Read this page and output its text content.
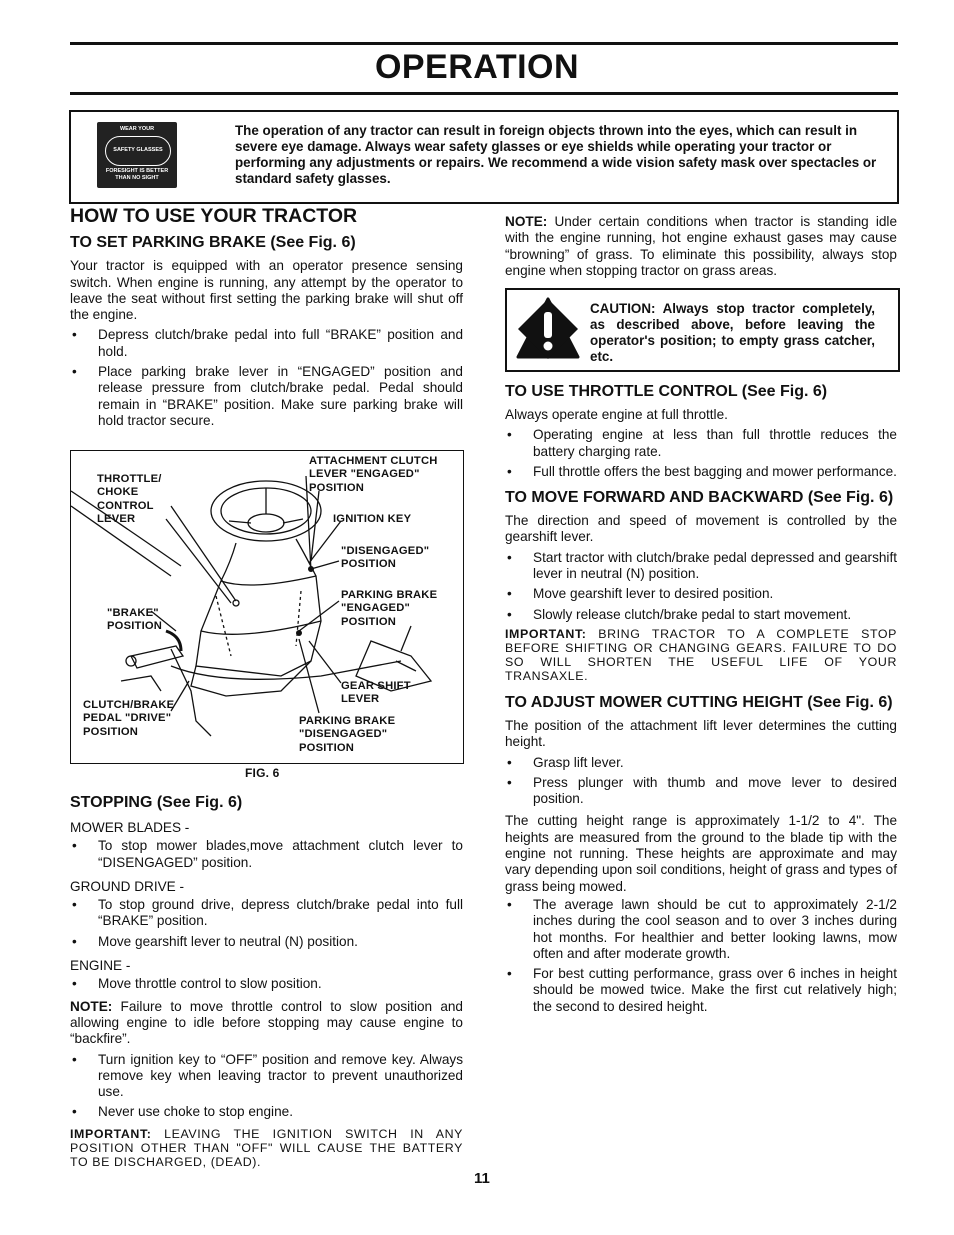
OPERATION
WEAR YOUR
SAFETY GLASSES
FORESIGHT IS BETTER
THAN NO SIGHT
The operation of any tractor can result in foreign objects thrown into the eyes, which can result in severe eye damage. Always wear safety glasses or eye shields while operating your tractor or performing any adjustments or repairs. We recommend a wide vision safety mask over spectacles or standard safety glasses.
HOW TO USE YOUR TRACTOR
TO SET PARKING BRAKE (See Fig. 6)

Your tractor is equipped with an operator presence sensing switch. When engine is running, any attempt by the operator to leave the seat without first setting the parking brake will shut off the engine.

• Depress clutch/brake pedal into full “BRAKE” position and hold.
• Place parking brake lever in “ENGAGED” position and release pressure from clutch/brake pedal. Pedal should remain in “BRAKE” position. Make sure parking brake will hold tractor secure.
ATTACHMENT CLUTCH LEVER "ENGAGED" POSITION
THROTTLE/ CHOKE CONTROL LEVER	IGNITION KEY
"DISENGAGED" POSITION
"BRAKE" POSITION
PARKING BRAKE "ENGAGED" POSITION
GEAR SHIFT LEVER
CLUTCH/BRAKE PEDAL "DRIVE" POSITION
PARKING BRAKE "DISENGAGED" POSITION
FIG. 6
STOPPING (See Fig. 6)

MOWER BLADES -

• To stop mower blades,move attachment clutch lever to “DISENGAGED” position.

GROUND DRIVE -

• To stop ground drive, depress clutch/brake pedal into full “BRAKE” position.
• Move gearshift lever to neutral (N) position.

ENGINE -

• Move throttle control to slow position.

NOTE: Failure to move throttle control to slow position and allowing engine to idle before stopping may cause engine to “backfire”.

• Turn ignition key to “OFF” position and remove key. Always remove key when leaving tractor to prevent unauthorized use.
• Never use choke to stop engine.

IMPORTANT: LEAVING THE IGNITION SWITCH IN ANY POSITION OTHER THAN "OFF" WILL CAUSE THE BATTERY TO BE DISCHARGED, (DEAD).

NOTE: Under certain conditions when tractor is standing idle with the engine running, hot engine exhaust gases may cause “browning” of grass. To eliminate this possibility, always stop engine when stopping tractor on grass areas.

CAUTION: Always stop tractor completely, as described above, before leaving the operator's position; to empty grass catcher, etc.
TO USE THROTTLE CONTROL (See Fig. 6)

Always operate engine at full throttle.

• Operating engine at less than full throttle reduces the battery charging rate.
• Full throttle offers the best bagging and mower performance.
TO MOVE FORWARD AND BACKWARD (See Fig. 6)

The direction and speed of movement is controlled by the gearshift lever.

• Start tractor with clutch/brake pedal depressed and gearshift lever in neutral (N) position.
• Move gearshift lever to desired position.
• Slowly release clutch/brake pedal to start movement.

IMPORTANT: BRING TRACTOR TO A COMPLETE STOP BEFORE SHIFTING OR CHANGING GEARS. FAILURE TO DO SO WILL SHORTEN THE USEFUL LIFE OF YOUR TRANSAXLE.

TO ADJUST MOWER CUTTING HEIGHT (See Fig. 6)

The position of the attachment lift lever determines the cutting height.

• Grasp lift lever.
• Press plunger with thumb and move lever to desired position.

The cutting height range is approximately 1-1/2 to 4". The heights are measured from the ground to the blade tip with the engine not running. These heights are approximate and may vary depending upon soil conditions, height of grass and types of grass being mowed.

• The average lawn should be cut to approximately 2-1/2 inches during the cool season and to over 3 inches during hot months. For healthier and better looking lawns, mow often and after moderate growth.
• For best cutting performance, grass over 6 inches in height should be mowed twice. Make the first cut relatively high; the second to desired height.
11
